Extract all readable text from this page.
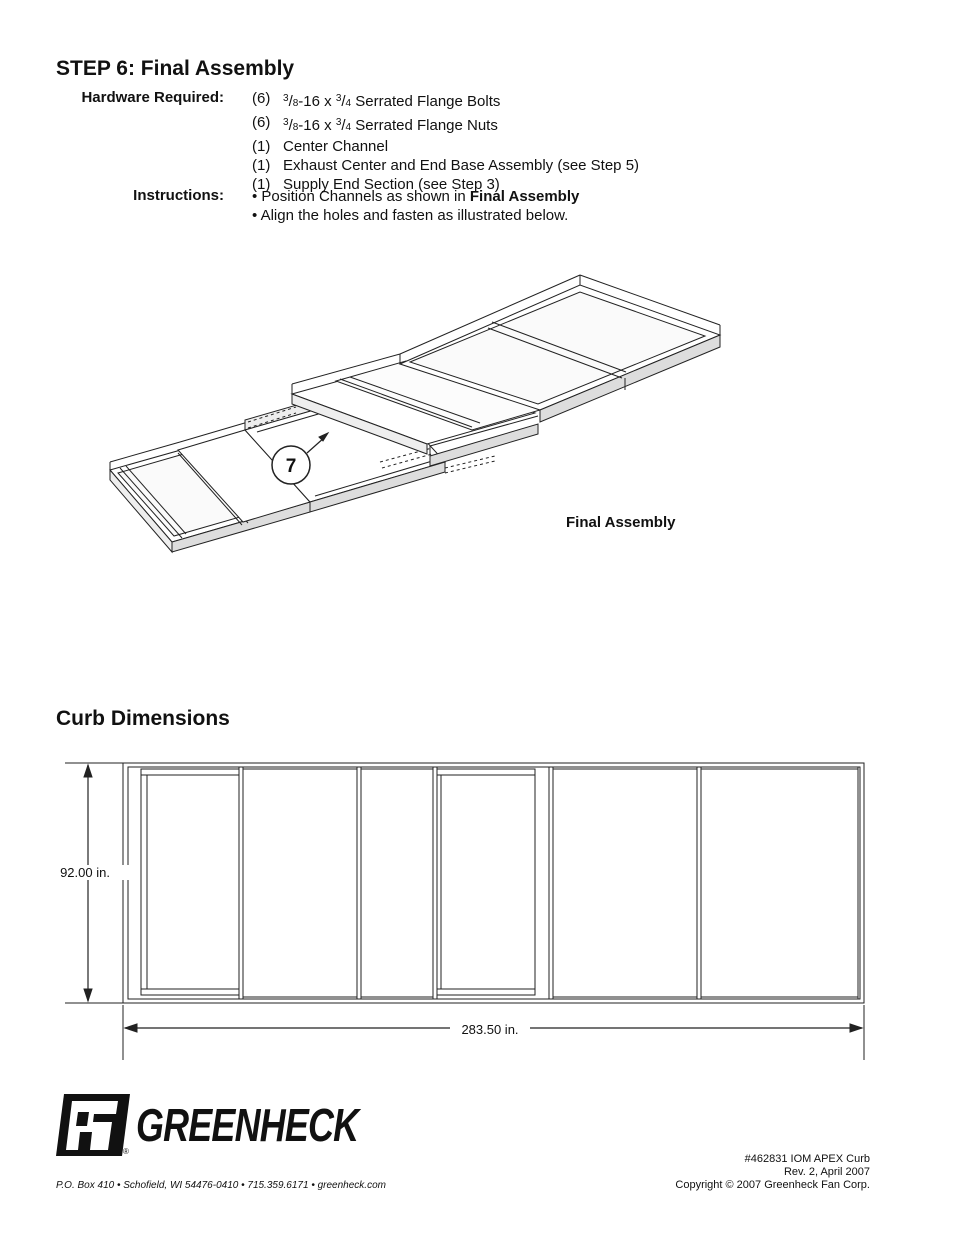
STEP 6: Final Assembly
Hardware Required: (6)	$^3$/8-16 x $^3$/4 Serrated Flange Bolts
(6)	$^3$/8-16 x $^3$/4 Serrated Flange Nuts
(1) Center Channel
(1) Exhaust Center and End Base Assembly (see Step 5)
(1) Supply End Section (see Step 3)
Instructions: • Position Channels as shown in Final Assembly
• Align the holes and fasten as illustrated below.
7
Final Assembly
Curb Dimensions
92.00 in.
283.50 in.
GREENHECK
®
P.O. Box 410 • Schofield, WI 54476-0410 • 715.359.6171 • greenheck.com
#462831 IOM APEX Curb
Rev. 2, April 2007
Copyright © 2007 Greenheck Fan Corp.
